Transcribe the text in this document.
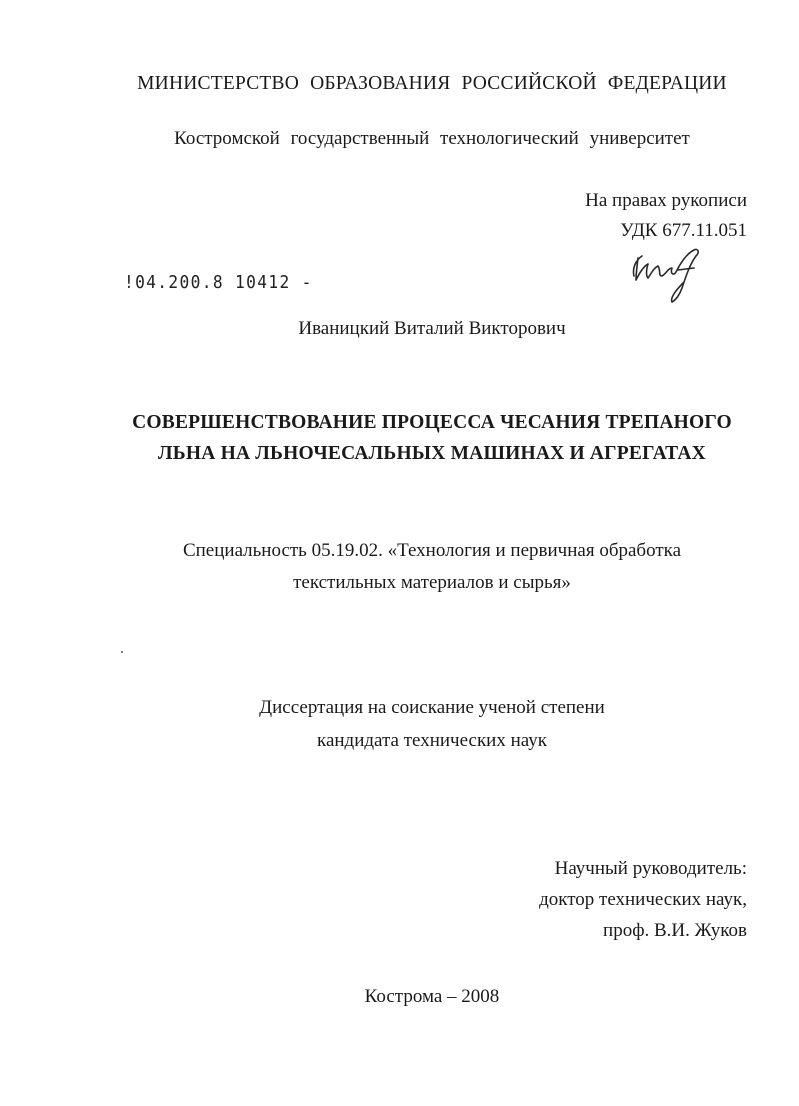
МИНИСТЕРСТВО ОБРАЗОВАНИЯ РОССИЙСКОЙ ФЕДЕРАЦИИ
Костромской государственный технологический университет
На правах рукописи
УДК 677.11.051
!04.200.8 10412 -
Иваницкий Виталий Викторович
СОВЕРШЕНСТВОВАНИЕ ПРОЦЕССА ЧЕСАНИЯ ТРЕПАНОГО
ЛЬНА НА ЛЬНОЧЕСАЛЬНЫХ МАШИНАХ И АГРЕГАТАХ
Специальность 05.19.02. «Технология и первичная обработка
текстильных материалов и сырья»
Диссертация на соискание ученой степени
кандидата технических наук
Научный руководитель:
доктор технических наук,
проф. В.И. Жуков
Кострома – 2008
